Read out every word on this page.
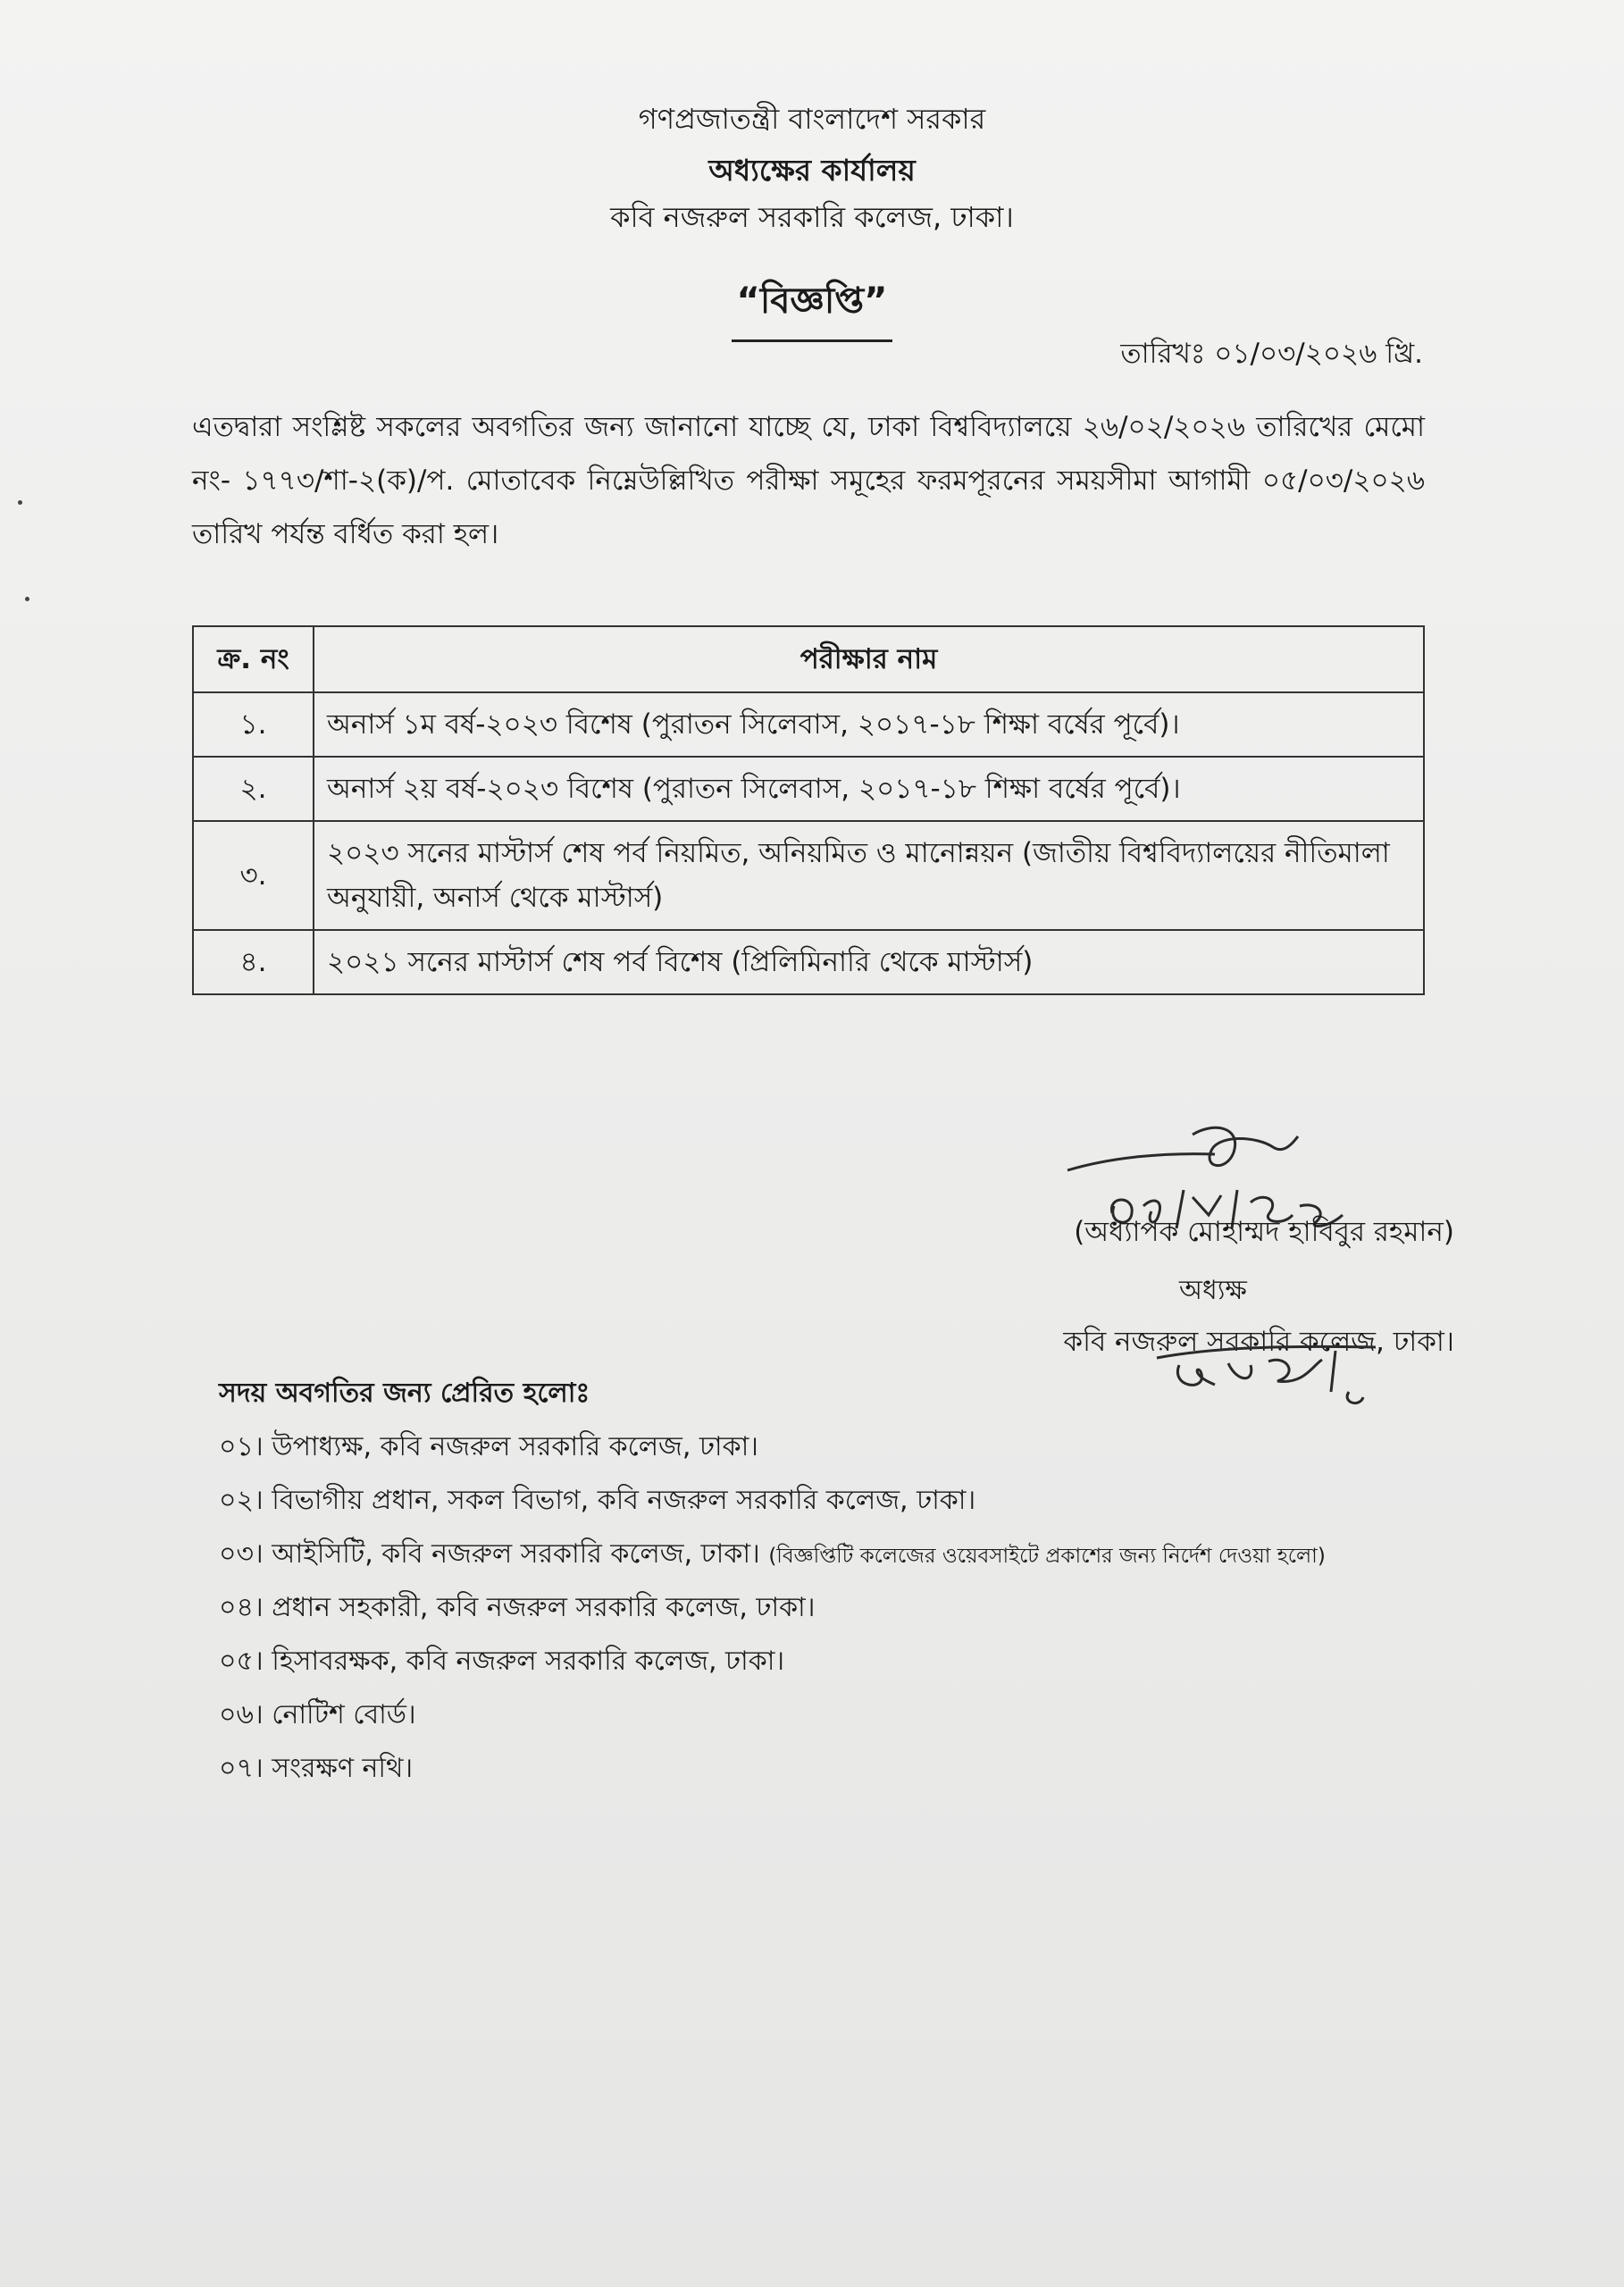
গণপ্রজাতন্ত্রী বাংলাদেশ সরকার
অধ্যক্ষের কার্যালয়
কবি নজরুল সরকারি কলেজ, ঢাকা।
“বিজ্ঞপ্তি”
তারিখঃ ০১/০৩/২০২৬ খ্রি.
এতদ্বারা সংশ্লিষ্ট সকলের অবগতির জন্য জানানো যাচ্ছে যে, ঢাকা বিশ্ববিদ্যালয়ে ২৬/০২/২০২৬ তারিখের মেমো নং- ১৭৭৩/শা-২(ক)/প. মোতাবেক নিম্নেউল্লিখিত পরীক্ষা সমূহের ফরমপূরনের সময়সীমা আগামী ০৫/০৩/২০২৬ তারিখ পর্যন্ত বর্ধিত করা হল।
ক্র. নং	পরীক্ষার নাম
১.	অনার্স ১ম বর্ষ-২০২৩ বিশেষ (পুরাতন সিলেবাস, ২০১৭-১৮ শিক্ষা বর্ষের পূর্বে)।
২.	অনার্স ২য় বর্ষ-২০২৩ বিশেষ (পুরাতন সিলেবাস, ২০১৭-১৮ শিক্ষা বর্ষের পূর্বে)।
৩.	২০২৩ সনের মাস্টার্স শেষ পর্ব নিয়মিত, অনিয়মিত ও মানোন্নয়ন (জাতীয় বিশ্ববিদ্যালয়ের নীতিমালা অনুযায়ী, অনার্স থেকে মাস্টার্স)
৪.	২০২১ সনের মাস্টার্স শেষ পর্ব বিশেষ (প্রিলিমিনারি থেকে মাস্টার্স)
(অধ্যাপক মোহাম্মদ হাবিবুর রহমান)
অধ্যক্ষ
কবি নজরুল সরকারি কলেজ, ঢাকা।
সদয় অবগতির জন্য প্রেরিত হলোঃ
০১। উপাধ্যক্ষ, কবি নজরুল সরকারি কলেজ, ঢাকা।
০২। বিভাগীয় প্রধান, সকল বিভাগ, কবি নজরুল সরকারি কলেজ, ঢাকা।
০৩। আইসিটি, কবি নজরুল সরকারি কলেজ, ঢাকা। (বিজ্ঞপ্তিটি কলেজের ওয়েবসাইটে প্রকাশের জন্য নির্দেশ দেওয়া হলো)
০৪। প্রধান সহকারী, কবি নজরুল সরকারি কলেজ, ঢাকা।
০৫। হিসাবরক্ষক, কবি নজরুল সরকারি কলেজ, ঢাকা।
০৬। নোটিশ বোর্ড।
০৭। সংরক্ষণ নথি।
